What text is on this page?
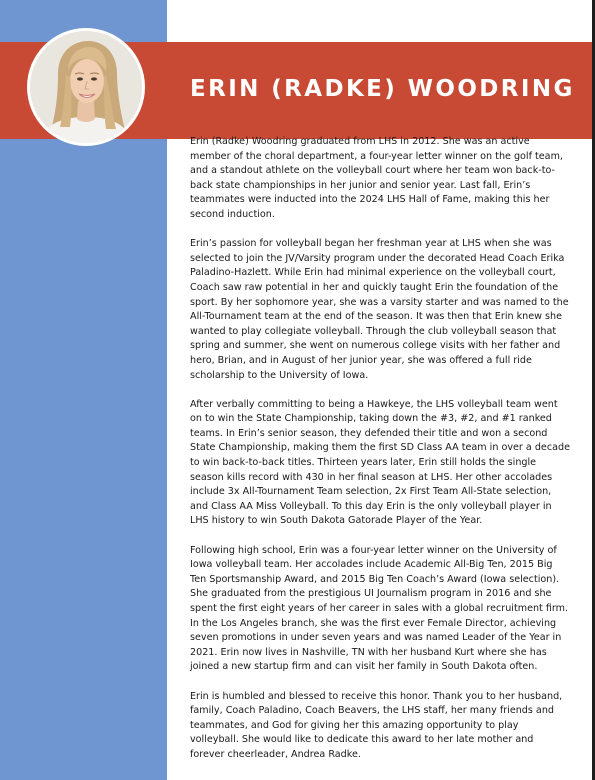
ERIN (RADKE) WOODRING

Erin (Radke) Woodring graduated from LHS in 2012. She was an active member of the choral department, a four-year letter winner on the golf team, and a standout athlete on the volleyball court where her team won back-to-back state championships in her junior and senior year. Last fall, Erin’s teammates were inducted into the 2024 LHS Hall of Fame, making this her second induction.

Erin’s passion for volleyball began her freshman year at LHS when she was selected to join the JV/Varsity program under the decorated Head Coach Erika Paladino-Hazlett. While Erin had minimal experience on the volleyball court, Coach saw raw potential in her and quickly taught Erin the foundation of the sport. By her sophomore year, she was a varsity starter and was named to the All-Tournament team at the end of the season. It was then that Erin knew she wanted to play collegiate volleyball. Through the club volleyball season that spring and summer, she went on numerous college visits with her father and hero, Brian, and in August of her junior year, she was offered a full ride scholarship to the University of Iowa.

After verbally committing to being a Hawkeye, the LHS volleyball team went on to win the State Championship, taking down the #3, #2, and #1 ranked teams. In Erin’s senior season, they defended their title and won a second State Championship, making them the first SD Class AA team in over a decade to win back-to-back titles. Thirteen years later, Erin still holds the single season kills record with 430 in her final season at LHS. Her other accolades include 3x All-Tournament Team selection, 2x First Team All-State selection, and Class AA Miss Volleyball. To this day Erin is the only volleyball player in LHS history to win South Dakota Gatorade Player of the Year.

Following high school, Erin was a four-year letter winner on the University of Iowa volleyball team. Her accolades include Academic All-Big Ten, 2015 Big Ten Sportsmanship Award, and 2015 Big Ten Coach’s Award (Iowa selection). She graduated from the prestigious UI Journalism program in 2016 and she spent the first eight years of her career in sales with a global recruitment firm. In the Los Angeles branch, she was the first ever Female Director, achieving seven promotions in under seven years and was named Leader of the Year in 2021. Erin now lives in Nashville, TN with her husband Kurt where she has joined a new startup firm and can visit her family in South Dakota often.

Erin is humbled and blessed to receive this honor. Thank you to her husband, family, Coach Paladino, Coach Beavers, the LHS staff, her many friends and teammates, and God for giving her this amazing opportunity to play volleyball. She would like to dedicate this award to her late mother and forever cheerleader, Andrea Radke.
